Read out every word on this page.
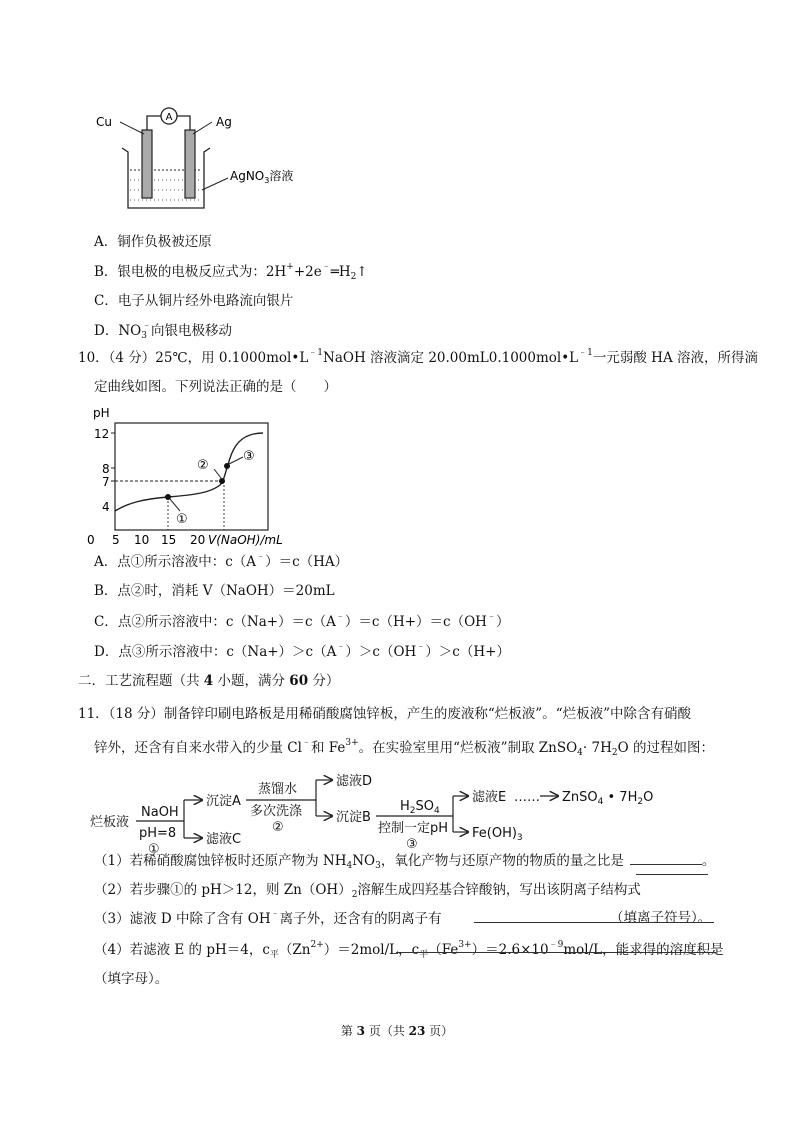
A
Cu	Ag
AgNO$_3$溶液
A．铜作负极被还原
B．银电极的电极反应式为：$2H^++2e^﹣═H_2↑$
C．电子从铜片经外电路流向银片
D．$NO_3^﹣$向银电极移动
10．（4 分）25℃，用 $0.1000mol•L^{﹣1}NaOH$ 溶液滴定 $20.00mL0.1000mol•L^{﹣1}$一元弱酸 HA 溶液，所得滴
定曲线如图。下列说法正确的是（　　）
pH
12
8
7
4
①
②
③
0 5 10 15 20 V(NaOH)/mL
A．点①所示溶液中：c（A﹣）＝c（HA）
B．点②时，消耗 V（NaOH）＝20mL
C．点②所示溶液中：c（Na+）＝c（A﹣）＝c（H+）＝c（OH﹣）
D．点③所示溶液中：c（Na+）＞c（A﹣）＞c（OH﹣）＞c（H+）
二．工艺流程题（共 4 小题，满分 60 分）
11．（18 分）制备锌印刷电路板是用稀硝酸腐蚀锌板，产生的废液称“烂板液”。“烂板液”中除含有硝酸
锌外，还含有自来水带入的少量 Cl﹣和 $Fe^{3+}$。在实验室里用“烂板液”制取 ZnSO$_4$· $7H_2O$ 的过程如图：
烂板液
NaOH
pH=8
①
沉淀A
滤液C
蒸馏水
多次洗涤
②
滤液D
沉淀B
$H_2SO_4$
控制一定pH
③
滤液E …… ZnSO$_4$ • $7H_2O$
$Fe(OH)_3$
（1）若稀硝酸腐蚀锌板时还原产物为 $NH_4NO_3$，氧化产物与还原产物的物质的量之比是	。
（2）若步骤①的 pH＞12，则 $Zn(OH)_2$溶解生成四羟基合锌酸钠，写出该阴离子结构式
（3）滤液 D 中除了含有 OH﹣离子外，还含有的阴离子有	（填离子符号）。
（4）若滤液 E 的 pH＝4，$c_平(Zn^{2+})=2mol/L$，$c_平(Fe^{3+})=2.6\times 10^{﹣9}mol/L$，能求得的溶度积是
（填字母）。
第 3 页（共 23 页）
